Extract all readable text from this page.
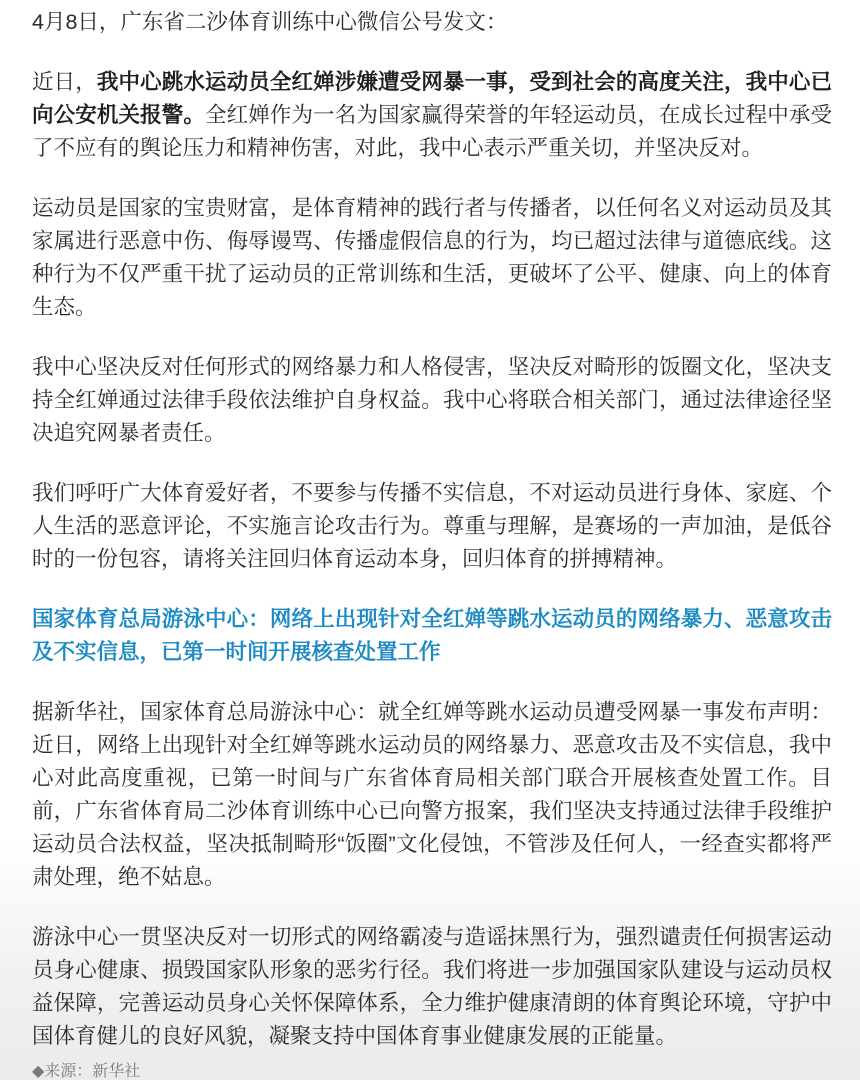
4月8日，广东省二沙体育训练中心微信公号发文：

近日，我中心跳水运动员全红婵涉嫌遭受网暴一事，受到社会的高度关注，我中心已向公安机关报警。全红婵作为一名为国家赢得荣誉的年轻运动员，在成长过程中承受了不应有的舆论压力和精神伤害，对此，我中心表示严重关切，并坚决反对。

运动员是国家的宝贵财富，是体育精神的践行者与传播者，以任何名义对运动员及其家属进行恶意中伤、侮辱谩骂、传播虚假信息的行为，均已超过法律与道德底线。这种行为不仅严重干扰了运动员的正常训练和生活，更破坏了公平、健康、向上的体育生态。

我中心坚决反对任何形式的网络暴力和人格侵害，坚决反对畸形的饭圈文化，坚决支持全红婵通过法律手段依法维护自身权益。我中心将联合相关部门，通过法律途径坚决追究网暴者责任。

我们呼吁广大体育爱好者，不要参与传播不实信息，不对运动员进行身体、家庭、个人生活的恶意评论，不实施言论攻击行为。尊重与理解，是赛场的一声加油，是低谷时的一份包容，请将关注回归体育运动本身，回归体育的拼搏精神。

国家体育总局游泳中心：网络上出现针对全红婵等跳水运动员的网络暴力、恶意攻击及不实信息，已第一时间开展核查处置工作

据新华社，国家体育总局游泳中心：就全红婵等跳水运动员遭受网暴一事发布声明：近日，网络上出现针对全红婵等跳水运动员的网络暴力、恶意攻击及不实信息，我中心对此高度重视，已第一时间与广东省体育局相关部门联合开展核查处置工作。目前，广东省体育局二沙体育训练中心已向警方报案，我们坚决支持通过法律手段维护运动员合法权益，坚决抵制畸形“饭圈”文化侵蚀，不管涉及任何人，一经查实都将严肃处理，绝不姑息。

游泳中心一贯坚决反对一切形式的网络霸凌与造谣抹黑行为，强烈谴责任何损害运动员身心健康、损毁国家队形象的恶劣行径。我们将进一步加强国家队建设与运动员权益保障，完善运动员身心关怀保障体系，全力维护健康清朗的体育舆论环境，守护中国体育健儿的良好风貌，凝聚支持中国体育事业健康发展的正能量。

◆来源：新华社
